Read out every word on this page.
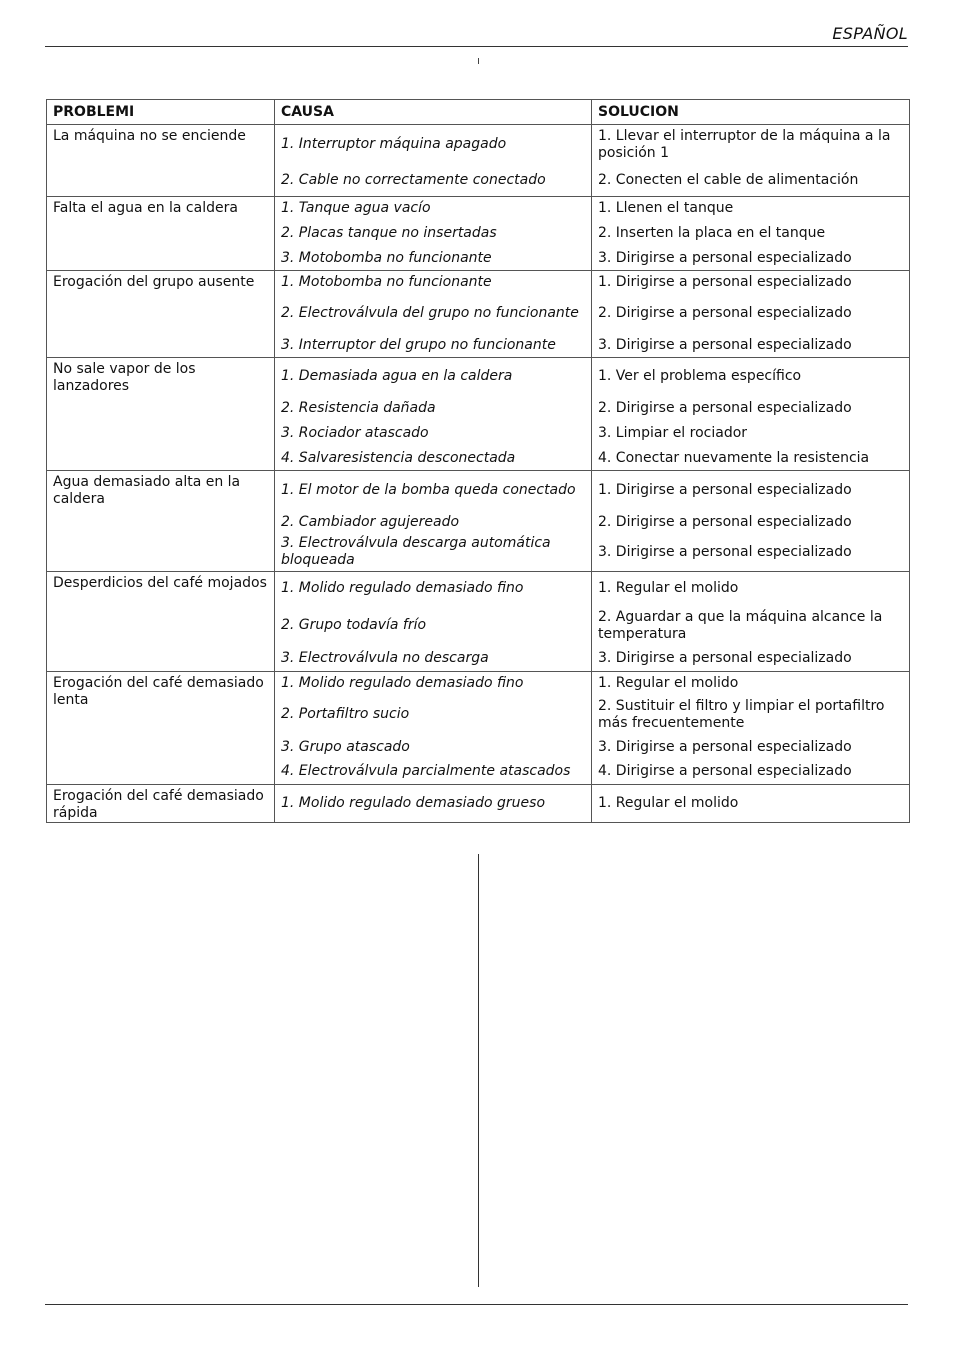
ESPAÑOL
PROBLEMI	CAUSA	SOLUCION
La máquina no se enciende	1. Interruptor máquina apagado	1. Llevar el interruptor de la máquina a la posición 1
	2. Cable no correctamente conectado	2. Conecten el cable de alimentación
Falta el agua en la caldera	1. Tanque agua vacío	1. Llenen el tanque
	2. Placas tanque no insertadas	2. Inserten la placa en el tanque
	3. Motobomba no funcionante	3. Dirigirse a personal especializado
Erogación del grupo ausente	1. Motobomba no funcionante	1. Dirigirse a personal especializado
	2. Electroválvula del grupo no funcionante	2. Dirigirse a personal especializado
	3. Interruptor del grupo no funcionante	3. Dirigirse a personal especializado
No sale vapor de los lanzadores	1. Demasiada agua en la caldera	1. Ver el problema específico
	2. Resistencia dañada	2. Dirigirse a personal especializado
	3. Rociador atascado	3. Limpiar el rociador
	4. Salvaresistencia desconectada	4. Conectar nuevamente la resistencia
Agua demasiado alta en la caldera	1. El motor de la bomba queda conectado	1. Dirigirse a personal especializado
	2. Cambiador agujereado	2. Dirigirse a personal especializado
	3. Electroválvula descarga automática bloqueada	3. Dirigirse a personal especializado
Desperdicios del café mojados	1. Molido regulado demasiado fino	1. Regular el molido
	2. Grupo todavía frío	2. Aguardar a que la máquina alcance la temperatura
	3. Electroválvula no descarga	3. Dirigirse a personal especializado
Erogación del café demasiado lenta	1. Molido regulado demasiado fino	1. Regular el molido
	2. Portafiltro sucio	2. Sustituir el filtro y limpiar el portafiltro más frecuentemente
	3. Grupo atascado	3. Dirigirse a personal especializado
	4. Electroválvula parcialmente atascados	4. Dirigirse a personal especializado
Erogación del café demasiado rápida	1. Molido regulado demasiado grueso	1. Regular el molido
